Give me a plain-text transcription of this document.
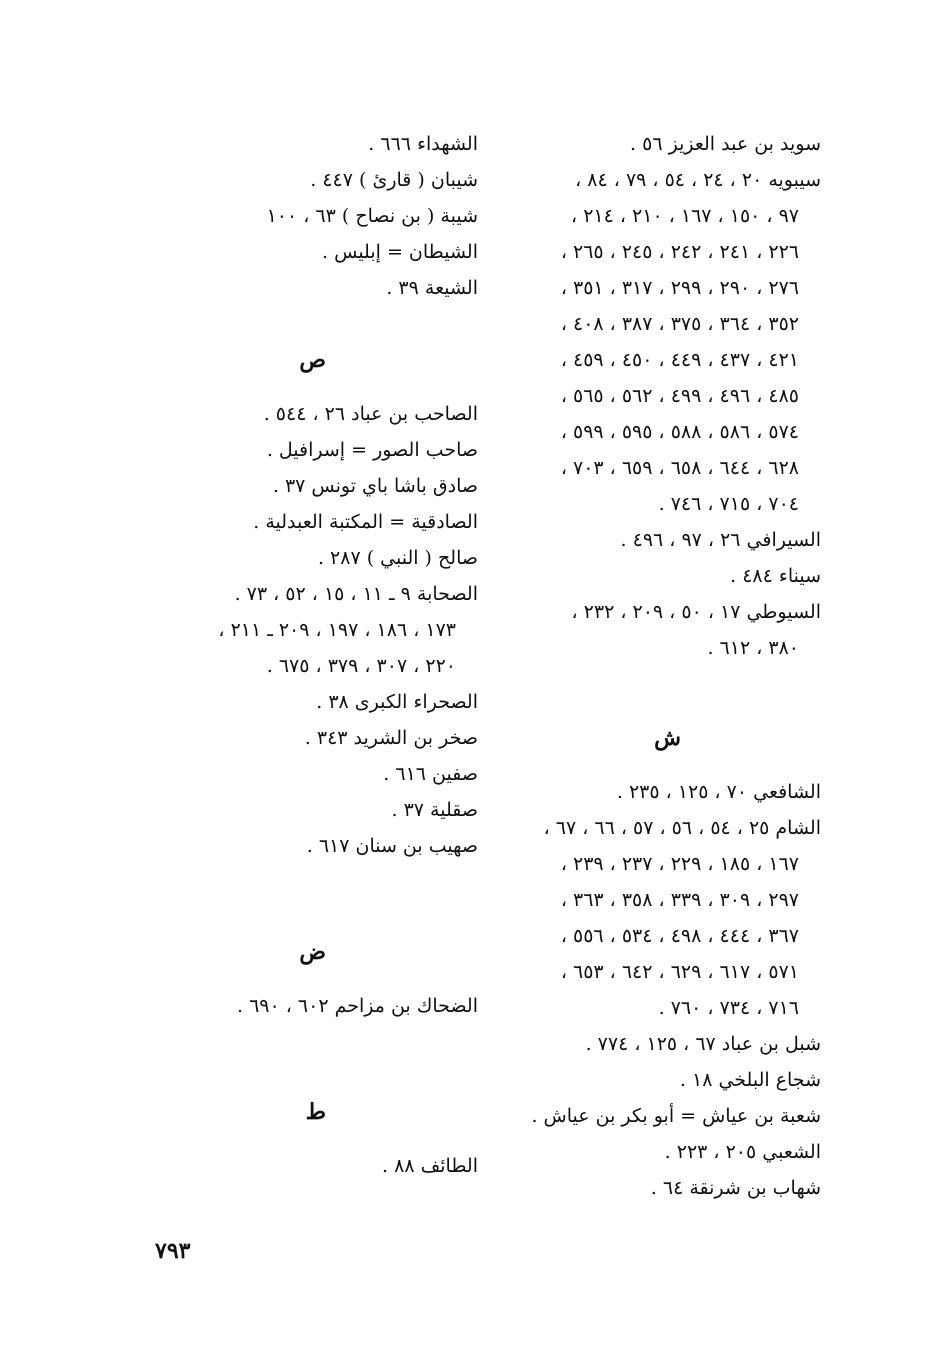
سويد بن عبد العزيز ٥٦ .
سيبويه ٢٠ ، ٢٤ ، ٥٤ ، ٧٩ ، ٨٤ ،
٩٧ ، ١٥٠ ، ١٦٧ ، ٢١٠ ، ٢١٤ ،
٢٢٦ ، ٢٤١ ، ٢٤٢ ، ٢٤٥ ، ٢٦٥ ،
٢٧٦ ، ٢٩٠ ، ٢٩٩ ، ٣١٧ ، ٣٥١ ،
٣٥٢ ، ٣٦٤ ، ٣٧٥ ، ٣٨٧ ، ٤٠٨ ،
٤٢١ ، ٤٣٧ ، ٤٤٩ ، ٤٥٠ ، ٤٥٩ ،
٤٨٥ ، ٤٩٦ ، ٤٩٩ ، ٥٦٢ ، ٥٦٥ ،
٥٧٤ ، ٥٨٦ ، ٥٨٨ ، ٥٩٥ ، ٥٩٩ ،
٦٢٨ ، ٦٤٤ ، ٦٥٨ ، ٦٥٩ ، ٧٠٣ ،
٧٠٤ ، ٧١٥ ، ٧٤٦ .
السيرافي ٢٦ ، ٩٧ ، ٤٩٦ .
سيناء ٤٨٤ .
السيوطي ١٧ ، ٥٠ ، ٢٠٩ ، ٢٣٢ ،
٣٨٠ ، ٦١٢ .
ش
الشافعي ٧٠ ، ١٢٥ ، ٢٣٥ .
الشام ٢٥ ، ٥٤ ، ٥٦ ، ٥٧ ، ٦٦ ، ٦٧ ،
١٦٧ ، ١٨٥ ، ٢٢٩ ، ٢٣٧ ، ٢٣٩ ،
٢٩٧ ، ٣٠٩ ، ٣٣٩ ، ٣٥٨ ، ٣٦٣ ،
٣٦٧ ، ٤٤٤ ، ٤٩٨ ، ٥٣٤ ، ٥٥٦ ،
٥٧١ ، ٦١٧ ، ٦٢٩ ، ٦٤٢ ، ٦٥٣ ،
٧١٦ ، ٧٣٤ ، ٧٦٠ .
شبل بن عباد ٦٧ ، ١٢٥ ، ٧٧٤ .
شجاع البلخي ١٨ .
شعبة بن عياش = أبو بكر بن عياش .
الشعبي ٢٠٥ ، ٢٢٣ .
شهاب بن شرنقة ٦٤ .
الشهداء ٦٦٦ .
شيبان ( قارئ ) ٤٤٧ .
شيبة ( بن نصاح ) ٦٣ ، ١٠٠
الشيطان = إبليس .
الشيعة ٣٩ .
ص
الصاحب بن عباد ٢٦ ، ٥٤٤ .
صاحب الصور = إسرافيل .
صادق باشا باي تونس ٣٧ .
الصادقية = المكتبة العبدلية .
صالح ( النبي ) ٢٨٧ .
الصحابة ٩ ـ ١١ ، ١٥ ، ٥٢ ، ٧٣ .
١٧٣ ، ١٨٦ ، ١٩٧ ، ٢٠٩ ـ ٢١١ ،
٢٢٠ ، ٣٠٧ ، ٣٧٩ ، ٦٧٥ .
الصحراء الكبرى ٣٨ .
صخر بن الشريد ٣٤٣ .
صفين ٦١٦ .
صقلية ٣٧ .
صهيب بن سنان ٦١٧ .
ض
الضحاك بن مزاحم ٦٠٢ ، ٦٩٠ .
ط
الطائف ٨٨ .
٧٩٣
